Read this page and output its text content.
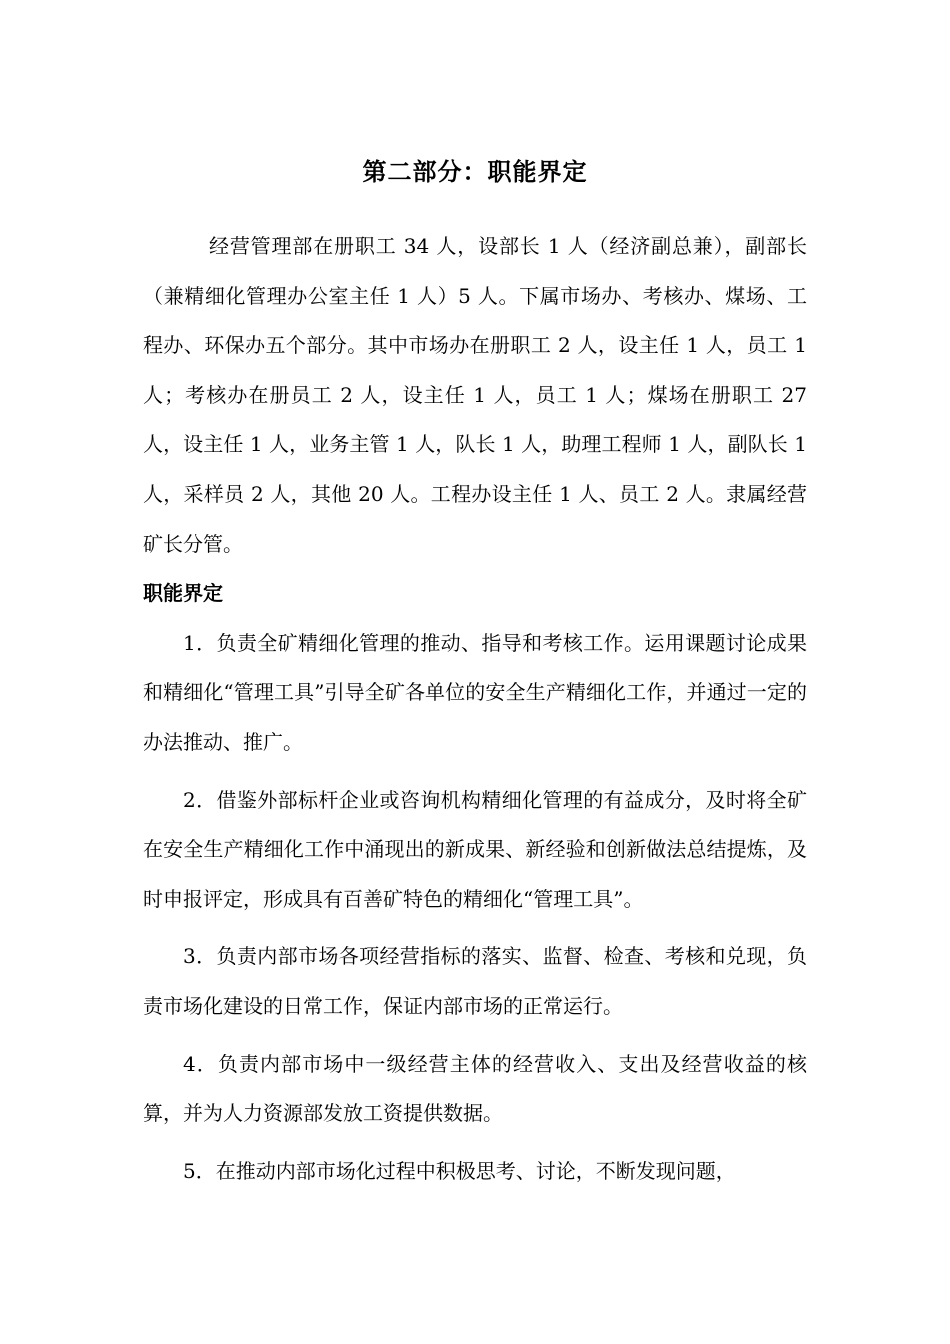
第二部分：职能界定

经营管理部在册职工 34 人，设部长 1 人（经济副总兼），副部长（兼精细化管理办公室主任 1 人）5 人。下属市场办、考核办、煤场、工程办、环保办五个部分。其中市场办在册职工 2 人，设主任 1 人，员工 1 人；考核办在册员工 2 人，设主任 1 人，员工 1 人；煤场在册职工 27 人，设主任 1 人，业务主管 1 人，队长 1 人，助理工程师 1 人，副队长 1 人，采样员 2 人，其他 20 人。工程办设主任 1 人、员工 2 人。隶属经营矿长分管。

职能界定

1．负责全矿精细化管理的推动、指导和考核工作。运用课题讨论成果和精细化“管理工具”引导全矿各单位的安全生产精细化工作，并通过一定的办法推动、推广。

2．借鉴外部标杆企业或咨询机构精细化管理的有益成分，及时将全矿在安全生产精细化工作中涌现出的新成果、新经验和创新做法总结提炼，及时申报评定，形成具有百善矿特色的精细化“管理工具”。

3．负责内部市场各项经营指标的落实、监督、检查、考核和兑现，负责市场化建设的日常工作，保证内部市场的正常运行。

4．负责内部市场中一级经营主体的经营收入、支出及经营收益的核算，并为人力资源部发放工资提供数据。

5．在推动内部市场化过程中积极思考、讨论，不断发现问题，
